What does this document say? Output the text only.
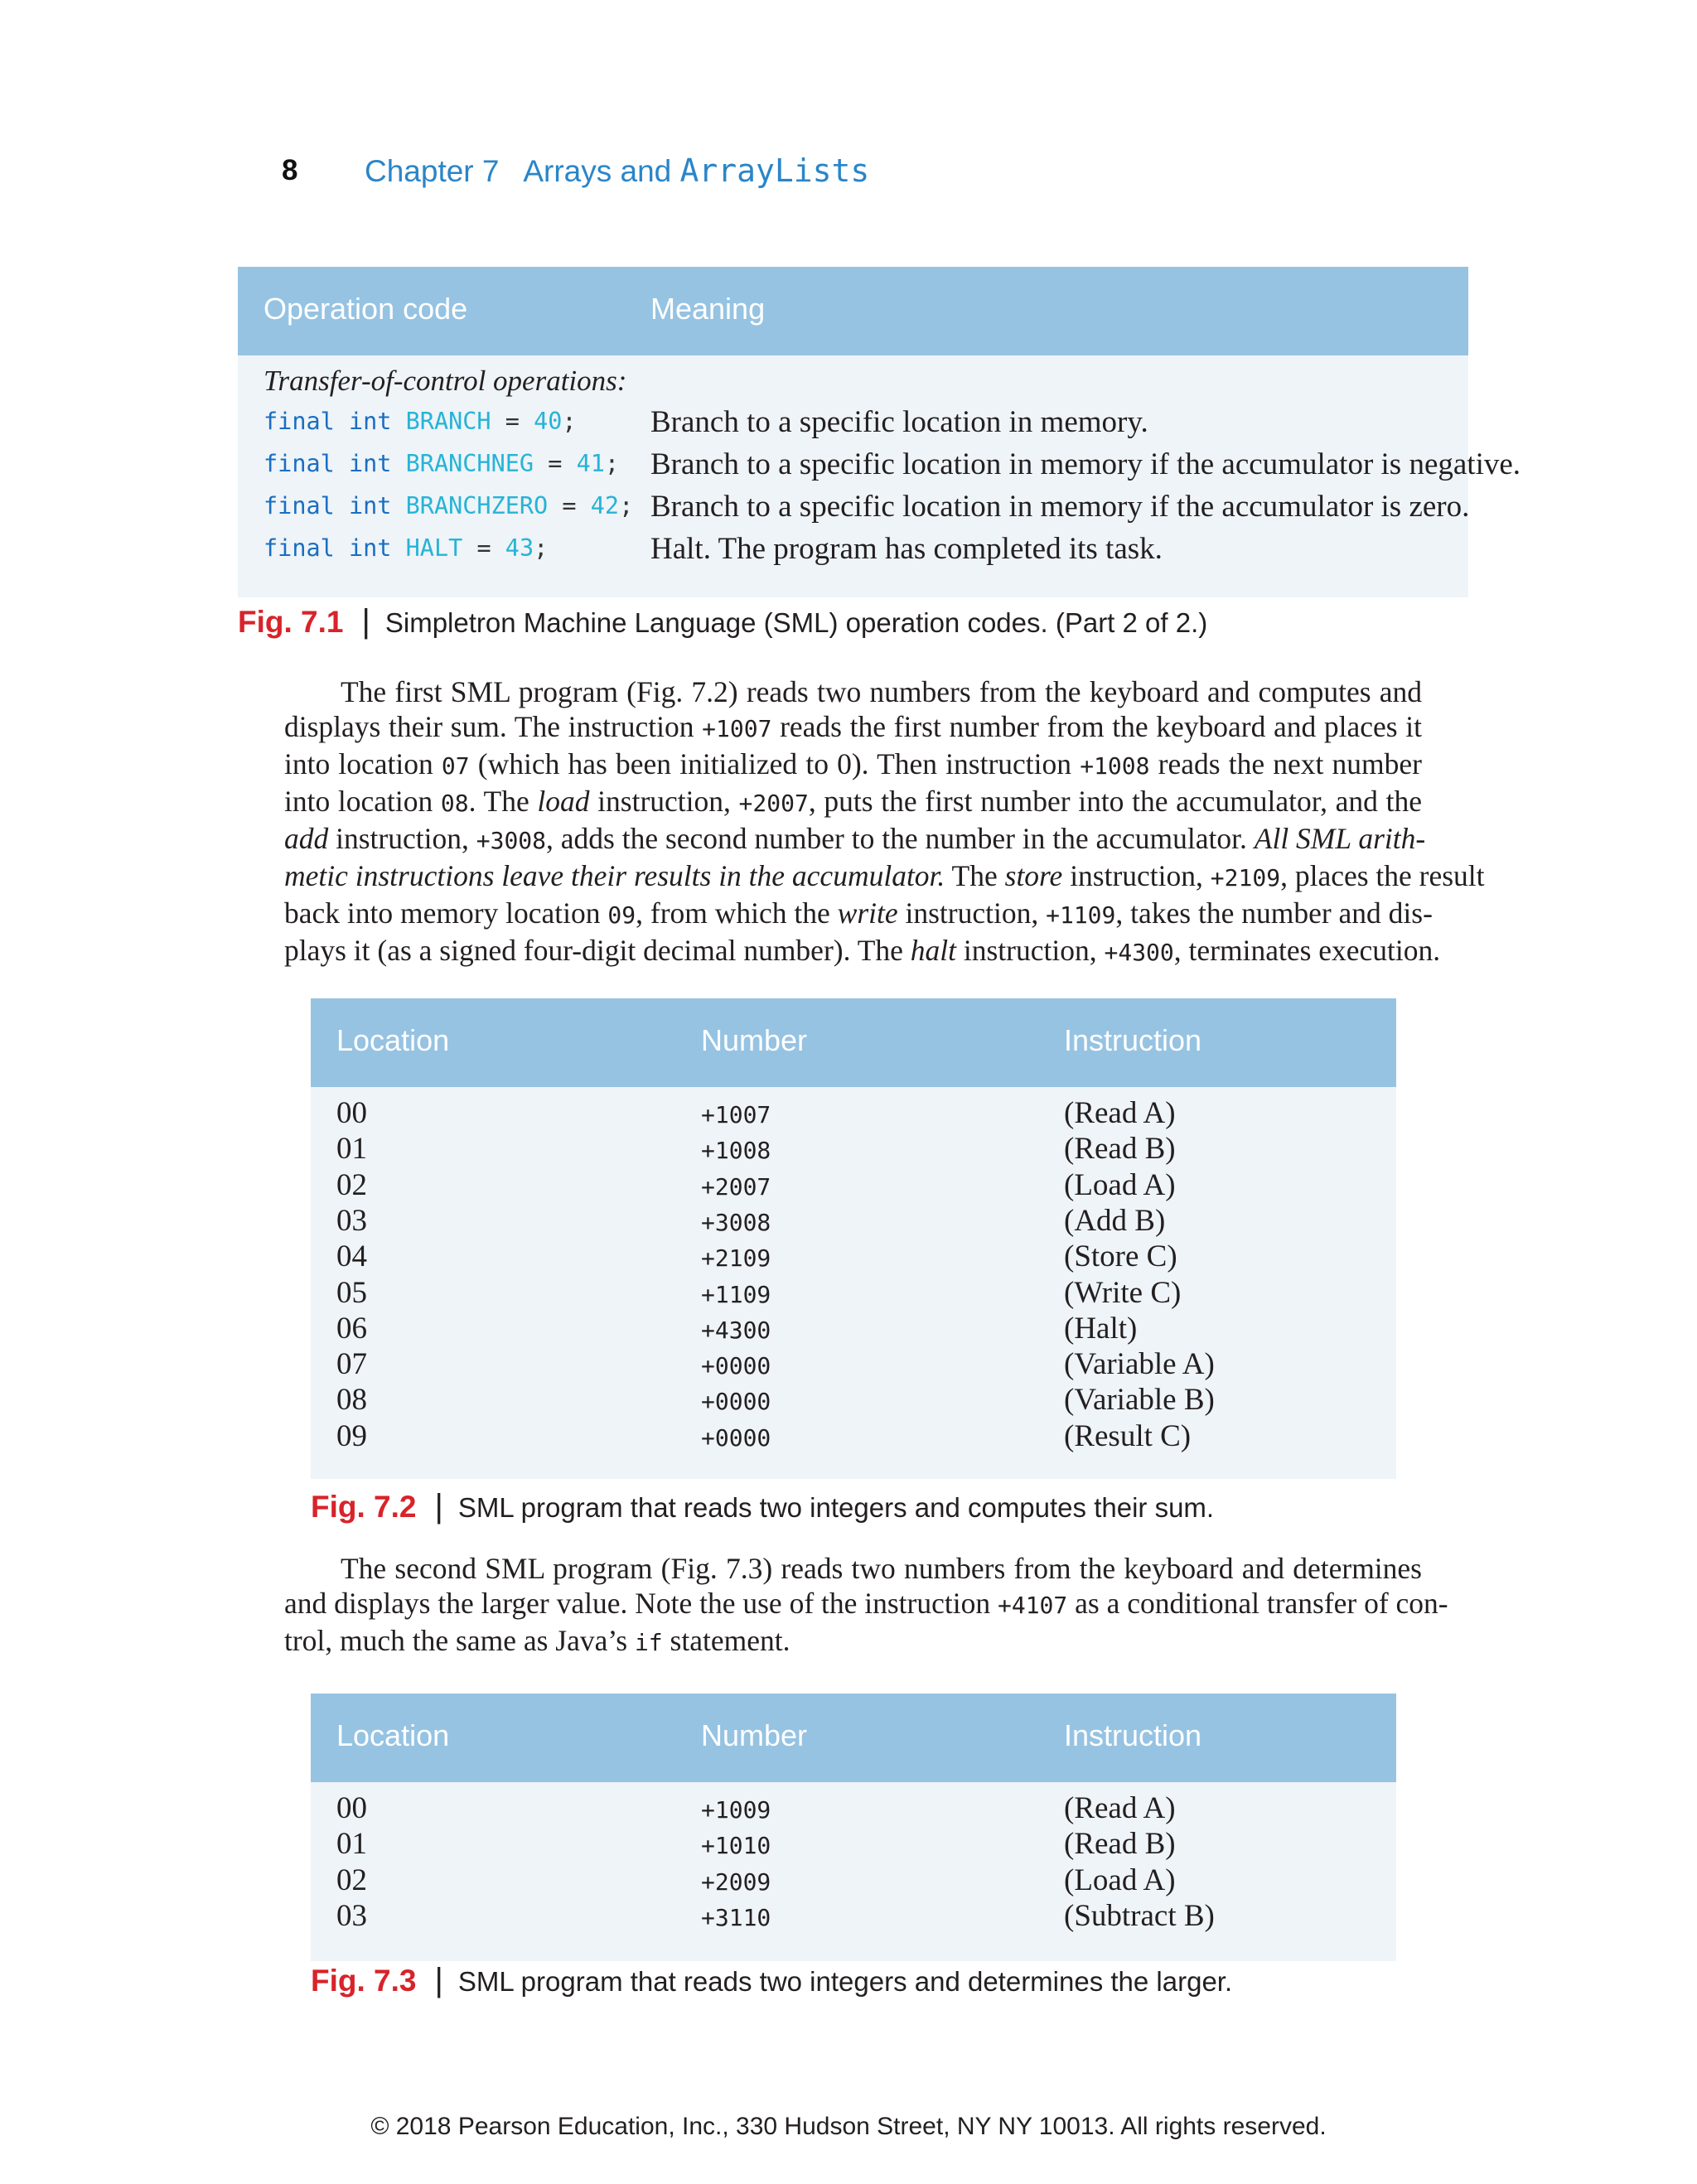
8 Chapter 7 Arrays and ArrayLists
Operation code	Meaning
Transfer-of-control operations:
final int BRANCH = 40; Branch to a specific location in memory.
final int BRANCHNEG = 41; Branch to a specific location in memory if the accumulator is negative.
final int BRANCHZERO = 42; Branch to a specific location in memory if the accumulator is zero.
final int HALT = 43;	Halt. The program has completed its task.
Fig. 7.1 | Simpletron Machine Language (SML) operation codes. (Part 2 of 2.)
The first SML program (Fig. 7.2) reads two numbers from the keyboard and computes and
displays their sum. The instruction +1007 reads the first number from the keyboard and places it
into location 07 (which has been initialized to 0). Then instruction +1008 reads the next number
into location 08. The load instruction, +2007, puts the first number into the accumulator, and the
add instruction, +3008, adds the second number to the number in the accumulator. All SML arith-
metic instructions leave their results in the accumulator. The store instruction, +2109, places the result
back into memory location 09, from which the write instruction, +1109, takes the number and dis-
plays it (as a signed four-digit decimal number). The halt instruction, +4300, terminates execution.
Location	Number	Instruction
00	+1007	(Read A)
01	+1008	(Read B)
02	+2007	(Load A)
03	+3008	(Add B)
04	+2109	(Store C)
05	+1109	(Write C)
06	+4300	(Halt)
07	+0000	(Variable A)
08	+0000	(Variable B)
09	+0000	(Result C)
Fig. 7.2 | SML program that reads two integers and computes their sum.
The second SML program (Fig. 7.3) reads two numbers from the keyboard and determines
and displays the larger value. Note the use of the instruction +4107 as a conditional transfer of con-
trol, much the same as Java’s if statement.
Location	Number	Instruction
00	+1009	(Read A)
01	+1010	(Read B)
02	+2009	(Load A)
03	+3110	(Subtract B)
Fig. 7.3 | SML program that reads two integers and determines the larger.
© 2018 Pearson Education, Inc., 330 Hudson Street, NY NY 10013. All rights reserved.
